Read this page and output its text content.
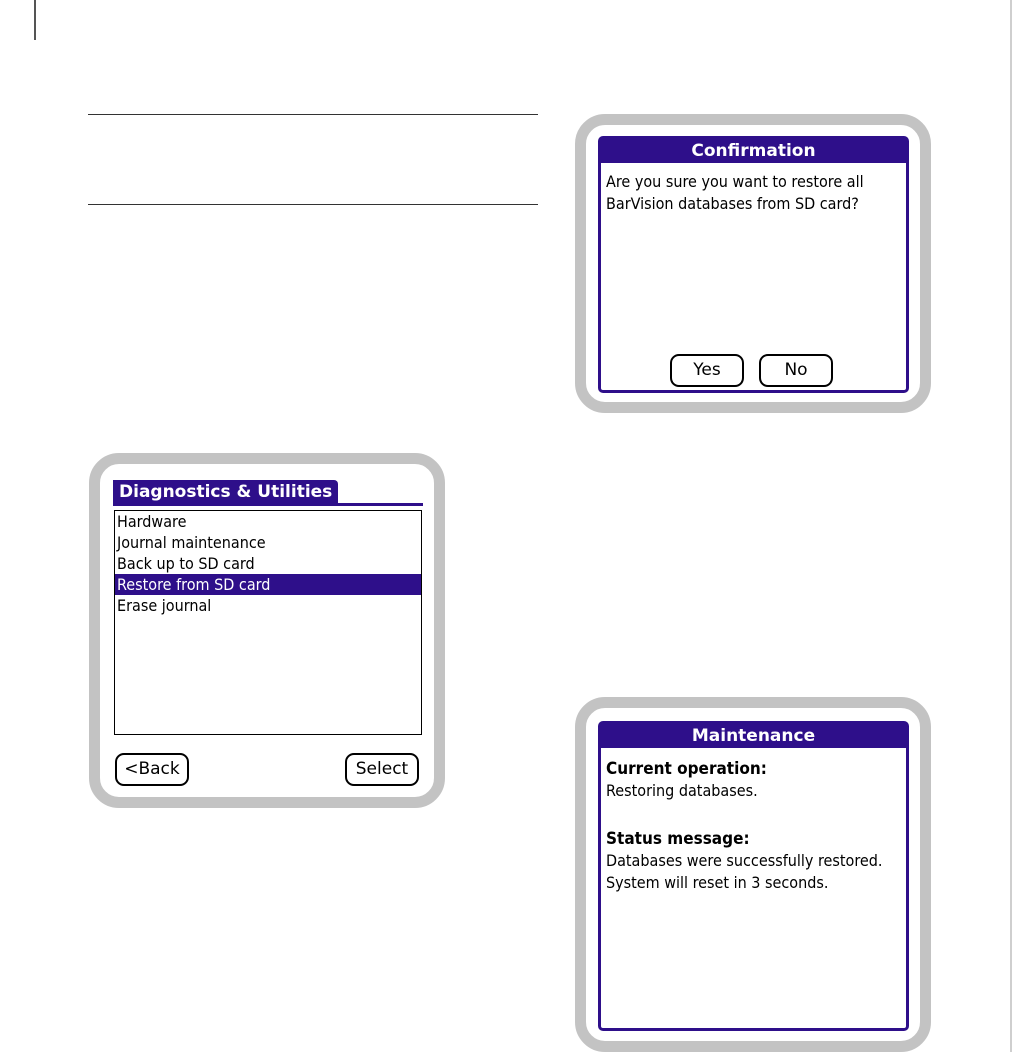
Confirmation
Are you sure you want to restore all BarVision databases from SD card?
Yes	No
Diagnostics & Utilities
Hardware
Journal maintenance
Back up to SD card
Restore from SD card
Erase journal
<Back	Select
Maintenance
Current operation:
Restoring databases.
Status message:
Databases were successfully restored.  System will reset in 3 seconds.
